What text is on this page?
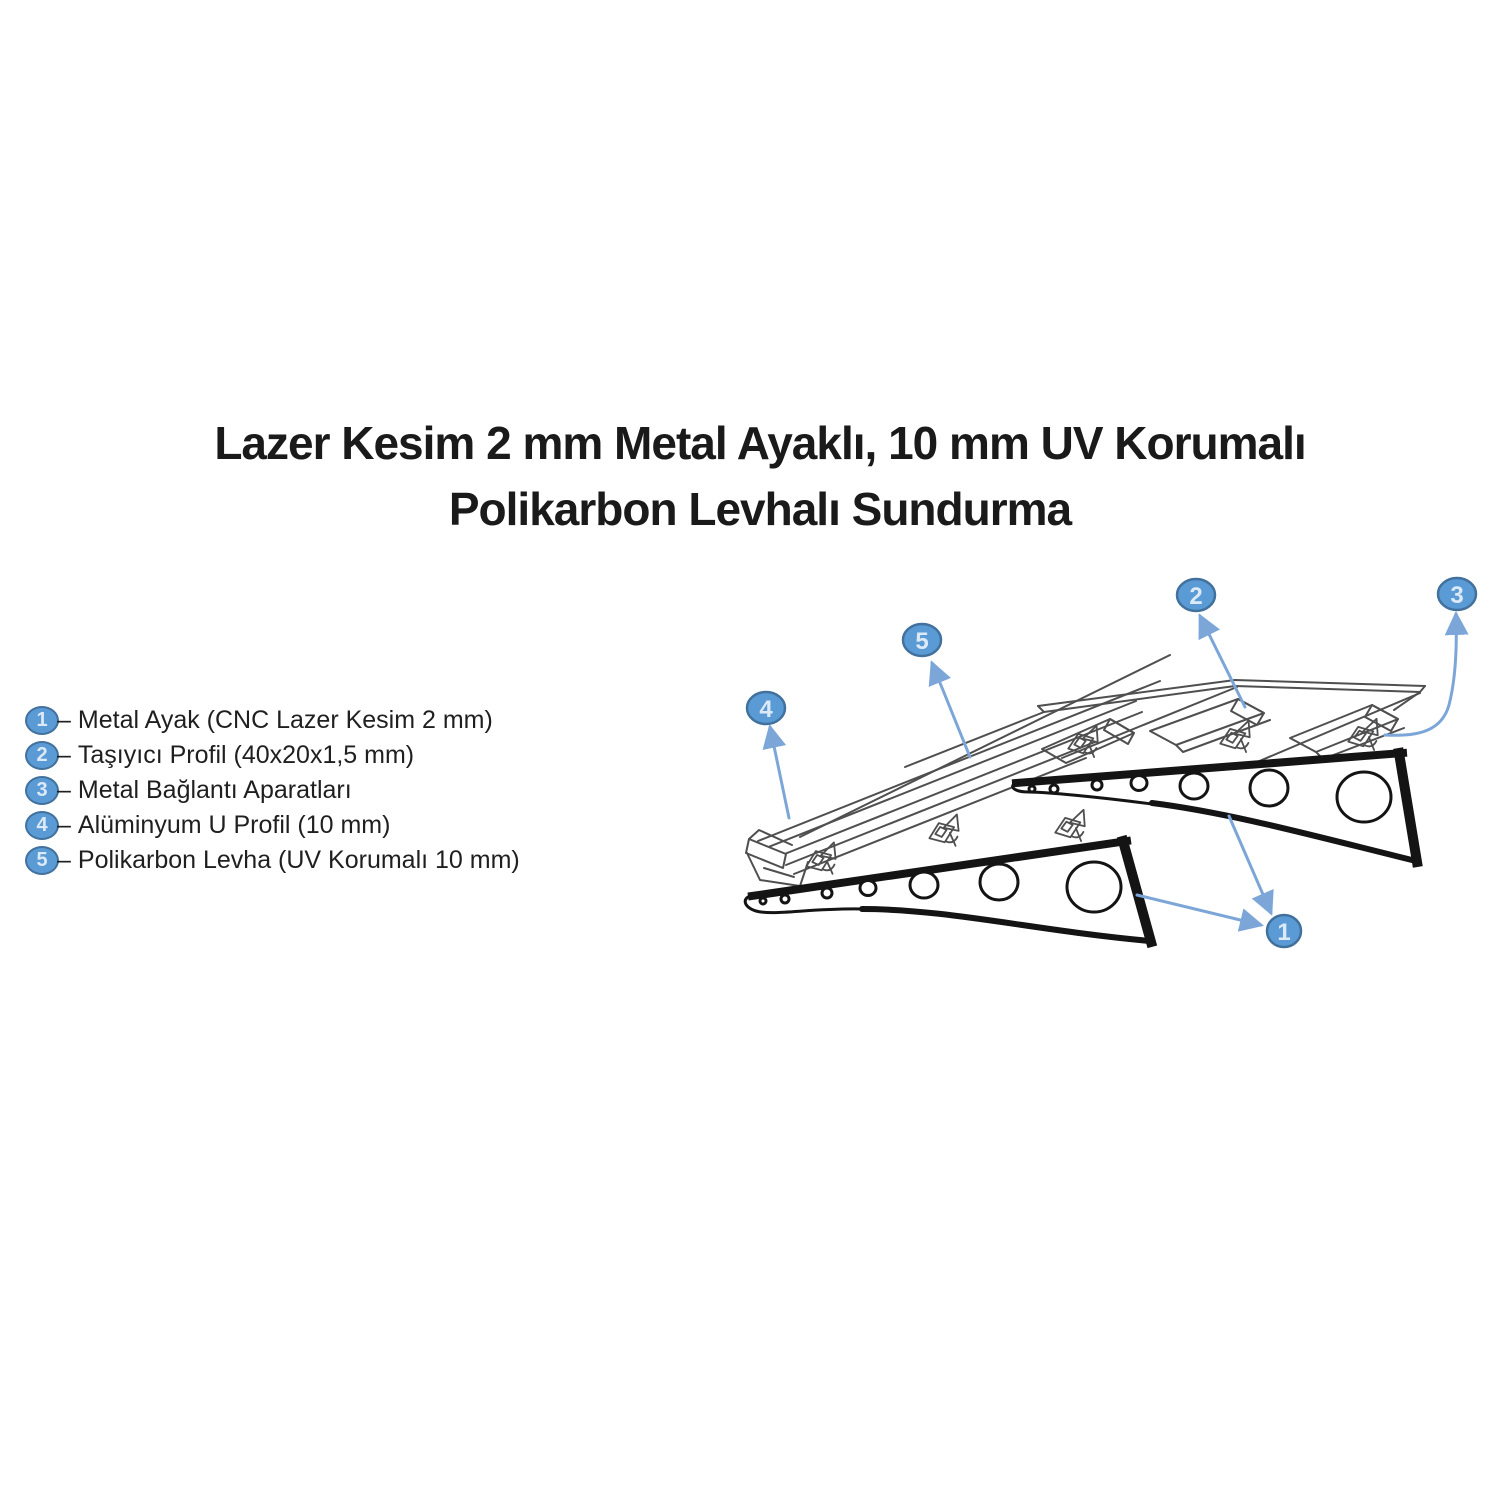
Lazer Kesim 2 mm Metal Ayaklı, 10 mm UV Korumalı
Polikarbon Levhalı Sundurma
1 – Metal Ayak (CNC Lazer Kesim 2 mm)
2 – Taşıyıcı Profil (40x20x1,5 mm)
3 – Metal Bağlantı Aparatları
4 – Alüminyum U Profil (10 mm)
5 – Polikarbon Levha (UV Korumalı 10 mm)
5
2	3
4
1
